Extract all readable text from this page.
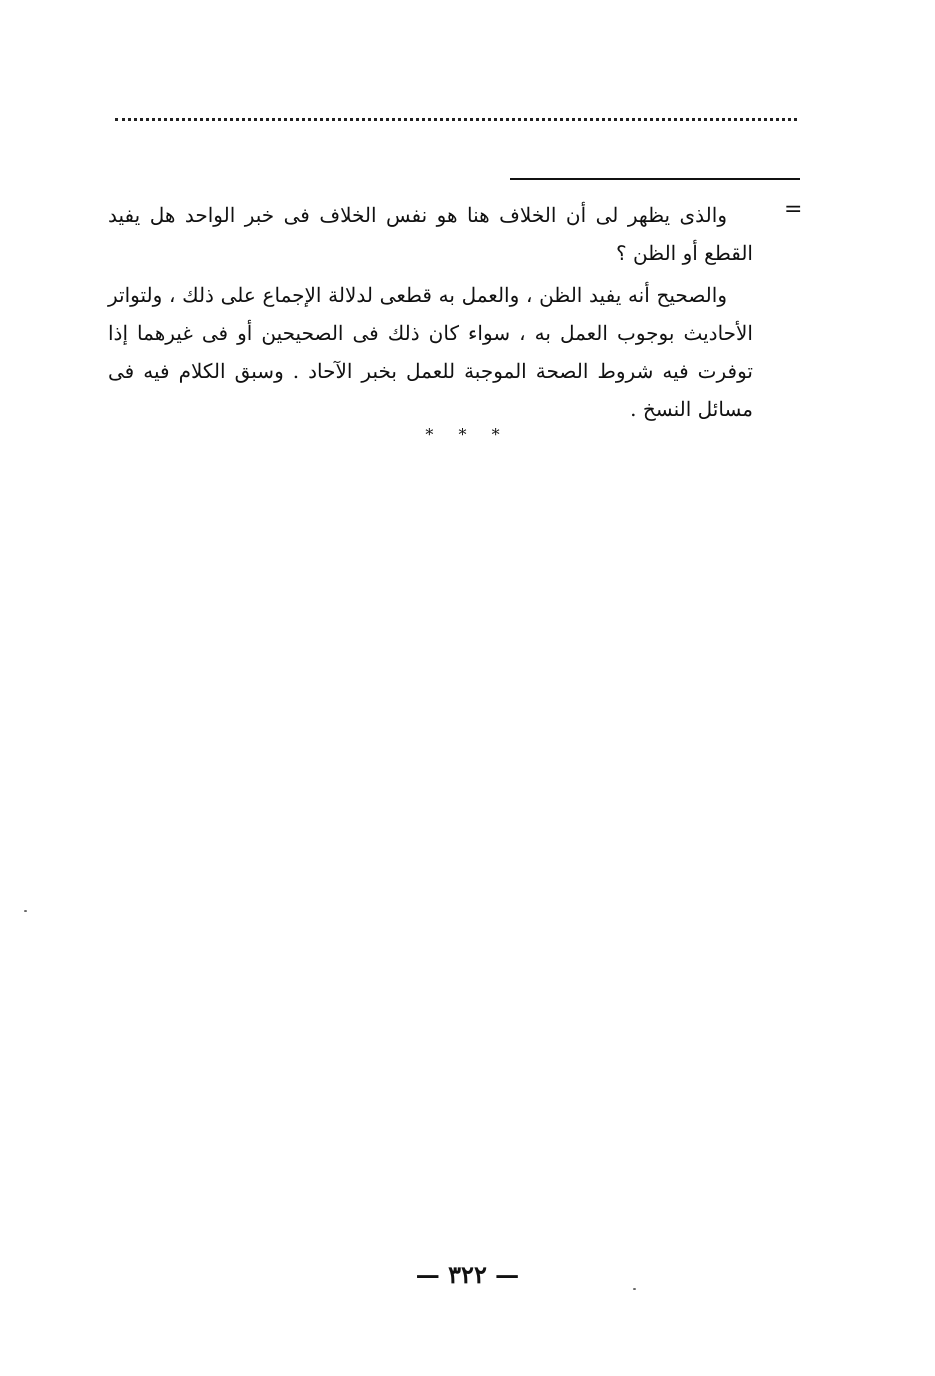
=

والذى يظهر لى أن الخلاف هنا هو نفس الخلاف فى خبر الواحد هل يفيد القطع أو الظن ؟

والصحيح أنه يفيد الظن ، والعمل به قطعى لدلالة الإجماع على ذلك ، ولتواتر الأحاديث بوجوب العمل به ، سواء كان ذلك فى الصحيحين أو فى غيرهما إذا توفرت فيه شروط الصحة الموجبة للعمل بخبر الآحاد . وسبق الكلام فيه فى مسائل النسخ .

* * *
— ٣٢٢ —
